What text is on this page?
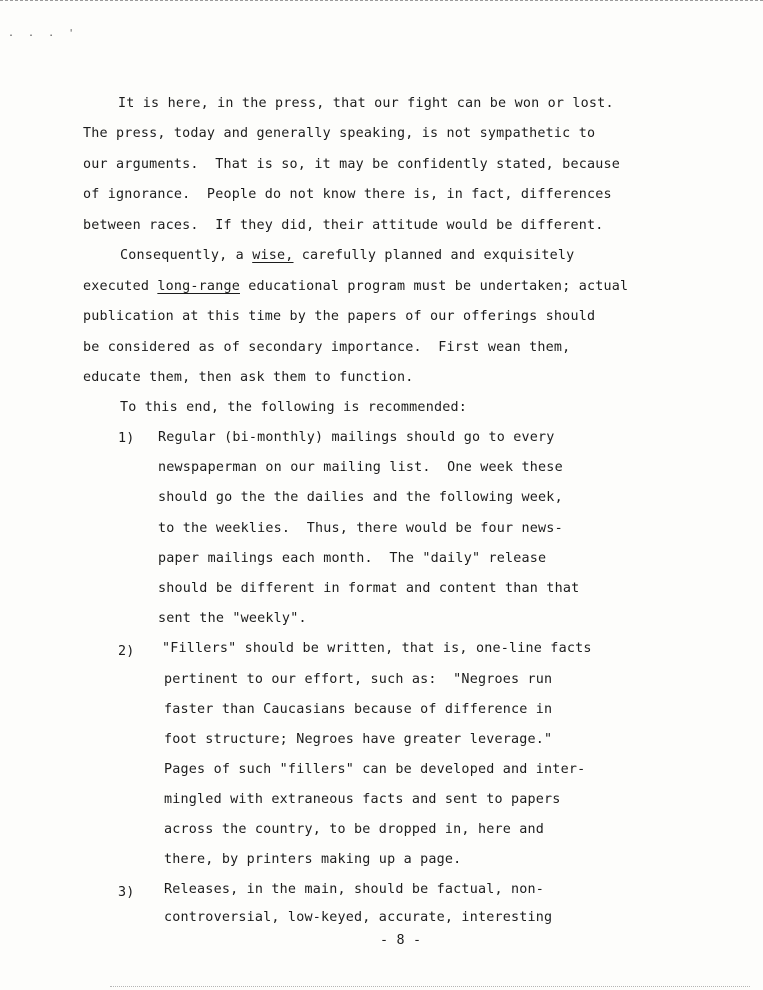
. . . '
It is here, in the press, that our fight can be won or lost.
The press, today and generally speaking, is not sympathetic to
our arguments.  That is so, it may be confidently stated, because
of ignorance.  People do not know there is, in fact, differences
between races.  If they did, their attitude would be different.
Consequently, a wise, carefully planned and exquisitely
executed long-range educational program must be undertaken; actual
publication at this time by the papers of our offerings should
be considered as of secondary importance.  First wean them,
educate them, then ask them to function.
To this end, the following is recommended:
1) Regular (bi-monthly) mailings should go to every
newspaperman on our mailing list.  One week these
should go the the dailies and the following week,
to the weeklies.  Thus, there would be four news-
paper mailings each month.  The "daily" release
should be different in format and content than that
sent the "weekly".
2) "Fillers" should be written, that is, one-line facts
pertinent to our effort, such as:  "Negroes run
faster than Caucasians because of difference in
foot structure; Negroes have greater leverage."
Pages of such "fillers" can be developed and inter-
mingled with extraneous facts and sent to papers
across the country, to be dropped in, here and
there, by printers making up a page.
3) Releases, in the main, should be factual, non-
controversial, low-keyed, accurate, interesting
- 8 -
